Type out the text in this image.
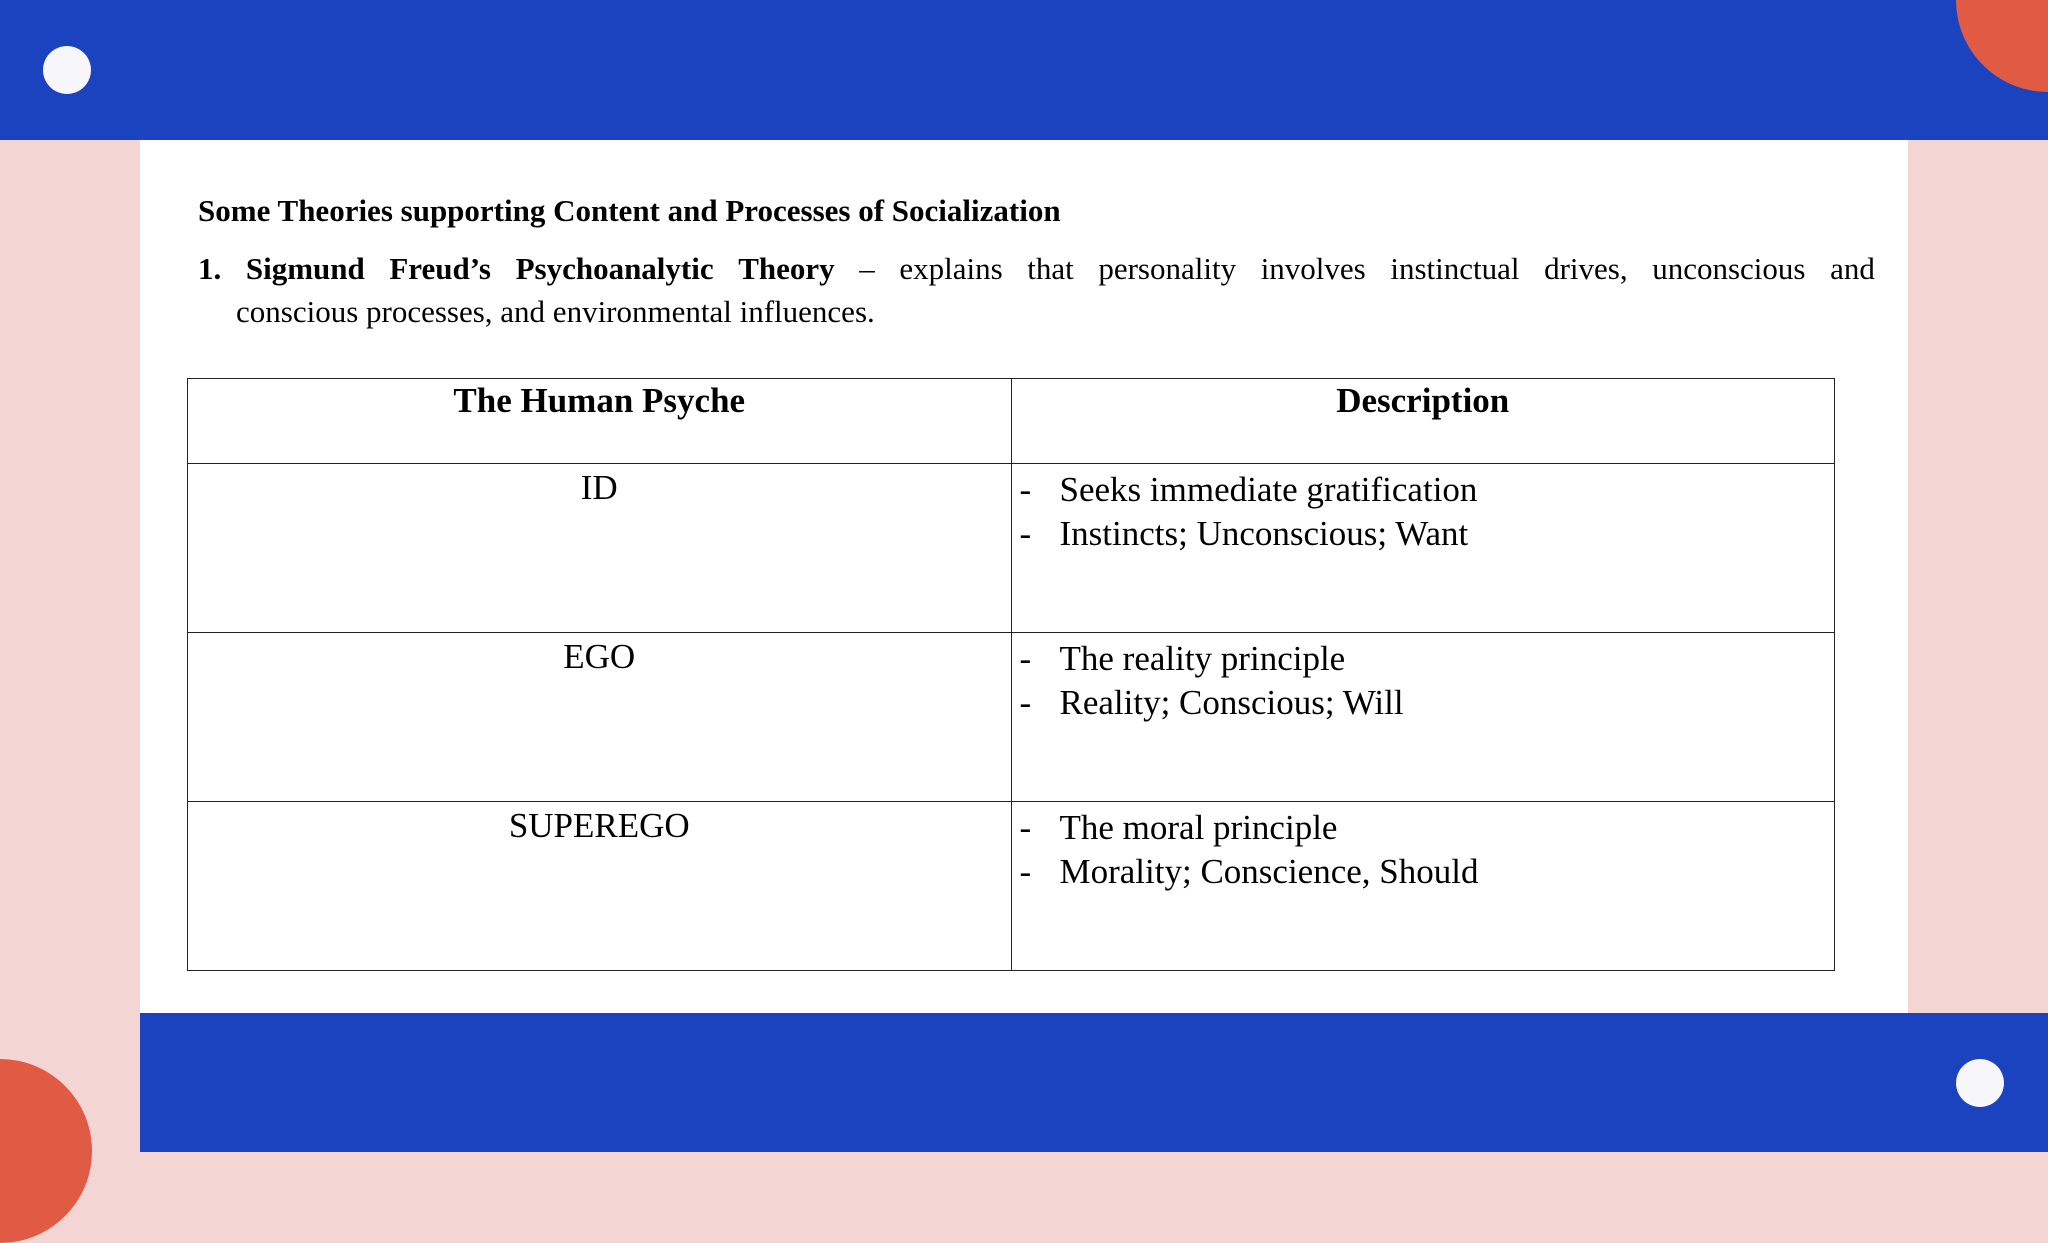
Some Theories supporting Content and Processes of Socialization
1. Sigmund Freud’s Psychoanalytic Theory – explains that personality involves instinctual drives, unconscious and
conscious processes, and environmental influences.
The Human Psyche	Description

ID	- Seeks immediate gratification
- Instincts; Unconscious; Want

EGO	- The reality principle
- Reality; Conscious; Will

SUPEREGO	- The moral principle
- Morality; Conscience, Should
